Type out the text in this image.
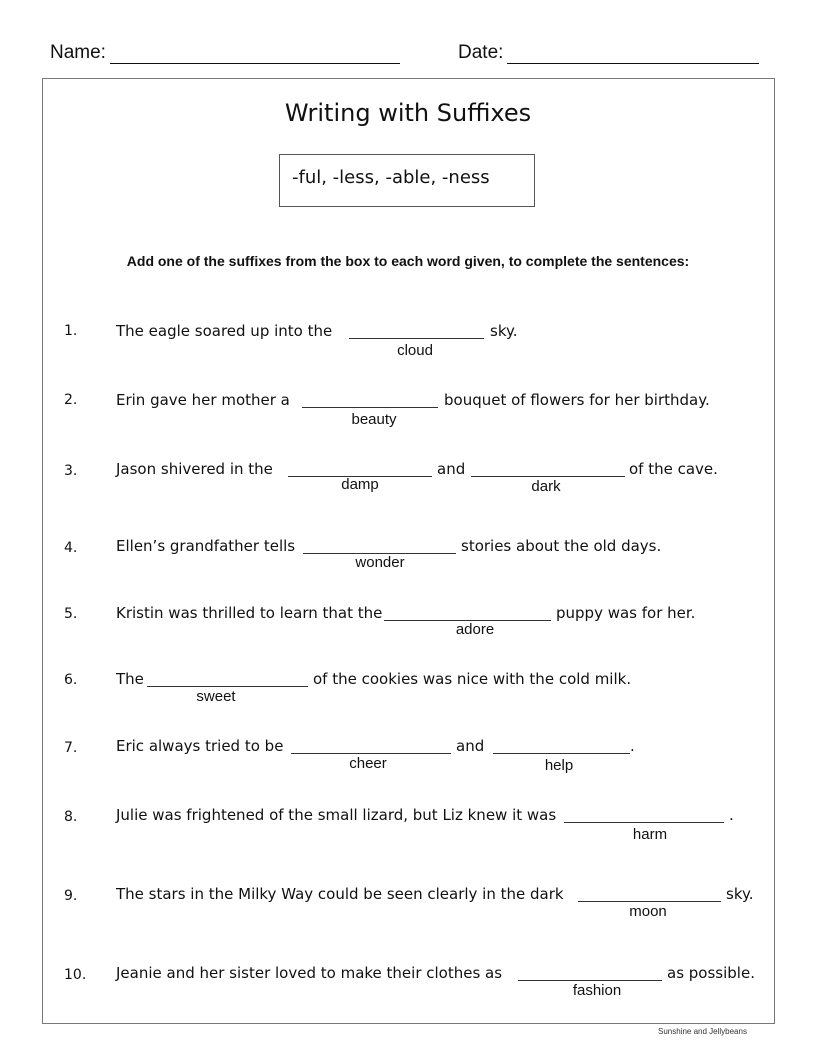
Name:	Date:
Writing with Suffixes
-ful, -less, -able, -ness
Add one of the suffixes from the box to each word given, to complete the sentences:
1.	The eagle soared up into the	sky.
cloud
2.	Erin gave her mother a	bouquet of flowers for her birthday.
beauty
3.	Jason shivered in the	and	of the cave.
damp	dark
4.	Ellen’s grandfather tells	stories about the old days.
wonder
5.	Kristin was thrilled to learn that the	puppy was for her.
adore
6.	The	of the cookies was nice with the cold milk.
sweet
7.	Eric always tried to be	and	.
cheer	help
8.	Julie was frightened of the small lizard, but Liz knew it was	.
harm
9.	The stars in the Milky Way could be seen clearly in the dark	sky.
moon
10. Jeanie and her sister loved to make their clothes as	as possible.
fashion
Sunshine and Jellybeans
